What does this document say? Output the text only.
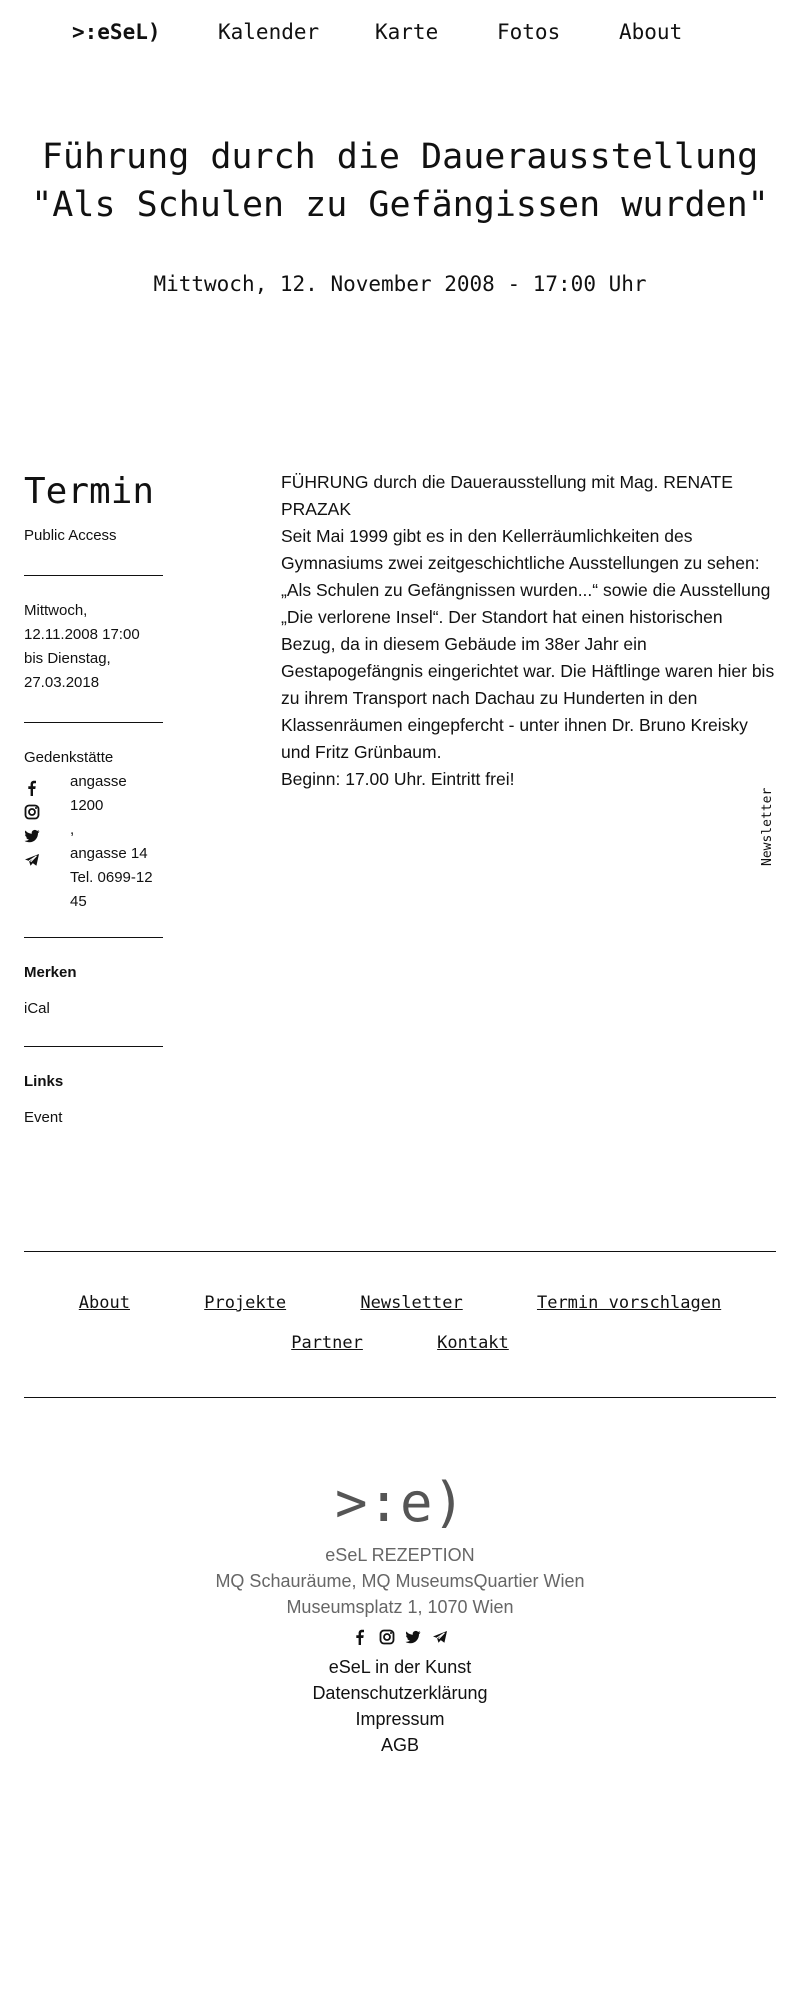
>:eSeL)	Kalender	Karte	Fotos	About
Führung durch die Dauerausstellung
"Als Schulen zu Gefängissen wurden"
Mittwoch, 12. November 2008 - 17:00 Uhr
Termin
Public Access
Mittwoch,
12.11.2008 17:00
bis Dienstag,
27.03.2018
Gedenkstätte
angasse 1200
,
angasse 14
Tel. 0699-12
45
Merken
iCal
Links
Event

FÜHRUNG durch die Dauerausstellung mit Mag. RENATE PRAZAK

Seit Mai 1999 gibt es in den Kellerräumlichkeiten des Gymnasiums zwei zeitgeschichtliche Ausstellungen zu sehen: „Als Schulen zu Gefängnissen wurden...“ sowie die Ausstellung „Die verlorene Insel“. Der Standort hat einen historischen Bezug, da in diesem Gebäude im 38er Jahr ein Gestapogefängnis eingerichtet war. Die Häftlinge waren hier bis zu ihrem Transport nach Dachau zu Hunderten in den Klassenräumen eingepfercht - unter ihnen Dr. Bruno Kreisky und Fritz Grünbaum.

Beginn: 17.00 Uhr. Eintritt frei!

Newsletter
About	Projekte	Newsletter	Termin vorschlagen
Partner	Kontakt
>:e)
eSeL REZEPTION
MQ Schauräume, MQ MuseumsQuartier Wien
Museumsplatz 1, 1070 Wien

eSeL in der Kunst
Datenschutzerklärung
Impressum
AGB
